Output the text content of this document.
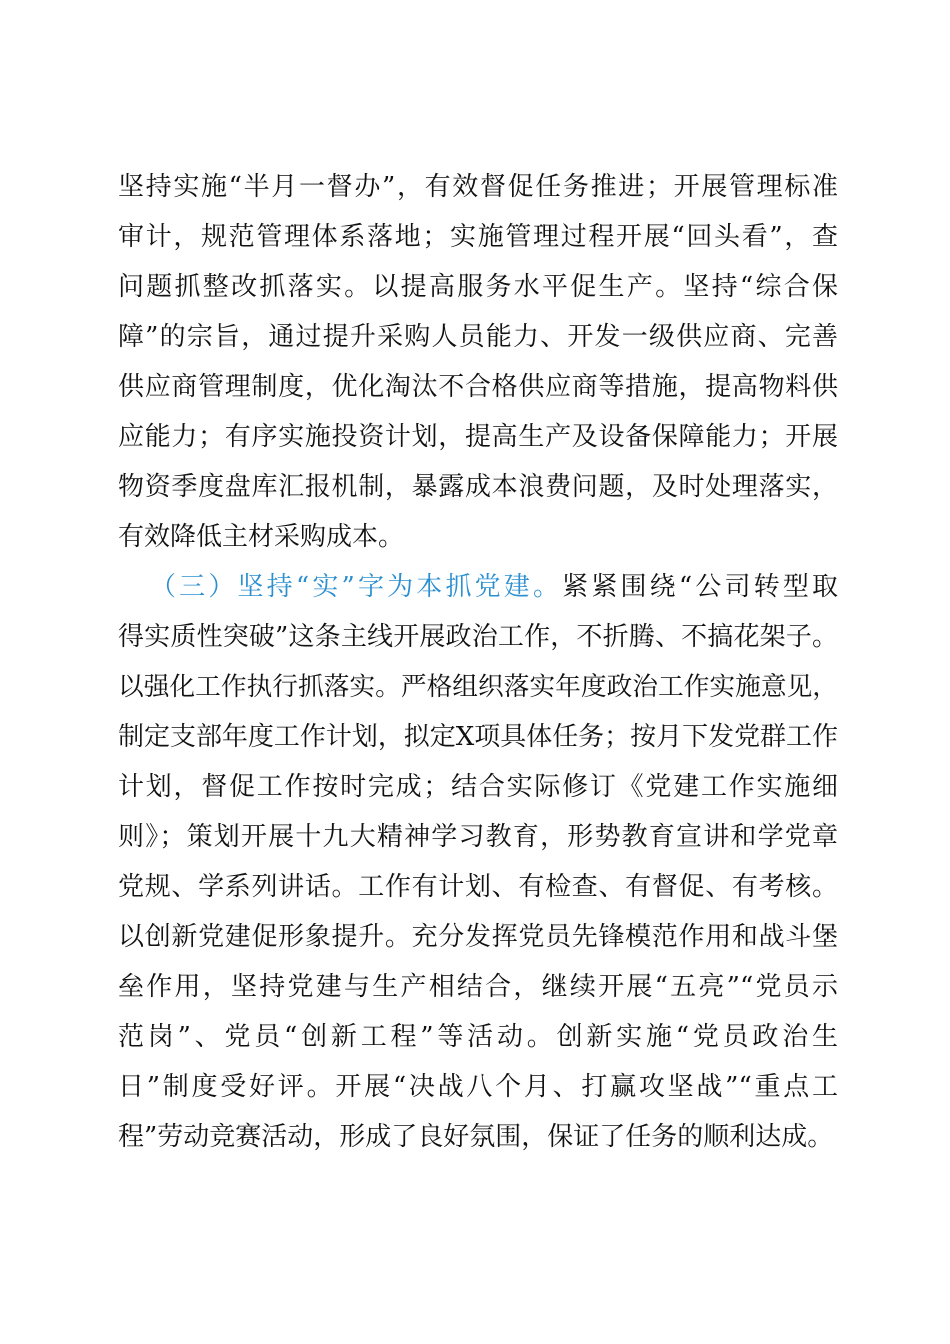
坚持实施“半月一督办”，有效督促任务推进；开展管理标准
审计，规范管理体系落地；实施管理过程开展“回头看”，查
问题抓整改抓落实。以提高服务水平促生产。坚持“综合保
障”的宗旨，通过提升采购人员能力、开发一级供应商、完善
供应商管理制度，优化淘汰不合格供应商等措施，提高物料供
应能力；有序实施投资计划，提高生产及设备保障能力；开展
物资季度盘库汇报机制，暴露成本浪费问题，及时处理落实，
有效降低主材采购成本。
（三）坚持“实”字为本抓党建。紧紧围绕“公司转型取
得实质性突破”这条主线开展政治工作，不折腾、不搞花架子。
以强化工作执行抓落实。严格组织落实年度政治工作实施意见，
制定支部年度工作计划，拟定X项具体任务；按月下发党群工作
计划，督促工作按时完成；结合实际修订《党建工作实施细
则》；策划开展十九大精神学习教育，形势教育宣讲和学党章
党规、学系列讲话。工作有计划、有检查、有督促、有考核。
以创新党建促形象提升。充分发挥党员先锋模范作用和战斗堡
垒作用，坚持党建与生产相结合，继续开展“五亮”“党员示
范岗”、党员“创新工程”等活动。创新实施“党员政治生
日”制度受好评。开展“决战八个月、打赢攻坚战”“重点工
程”劳动竞赛活动，形成了良好氛围，保证了任务的顺利达成。
